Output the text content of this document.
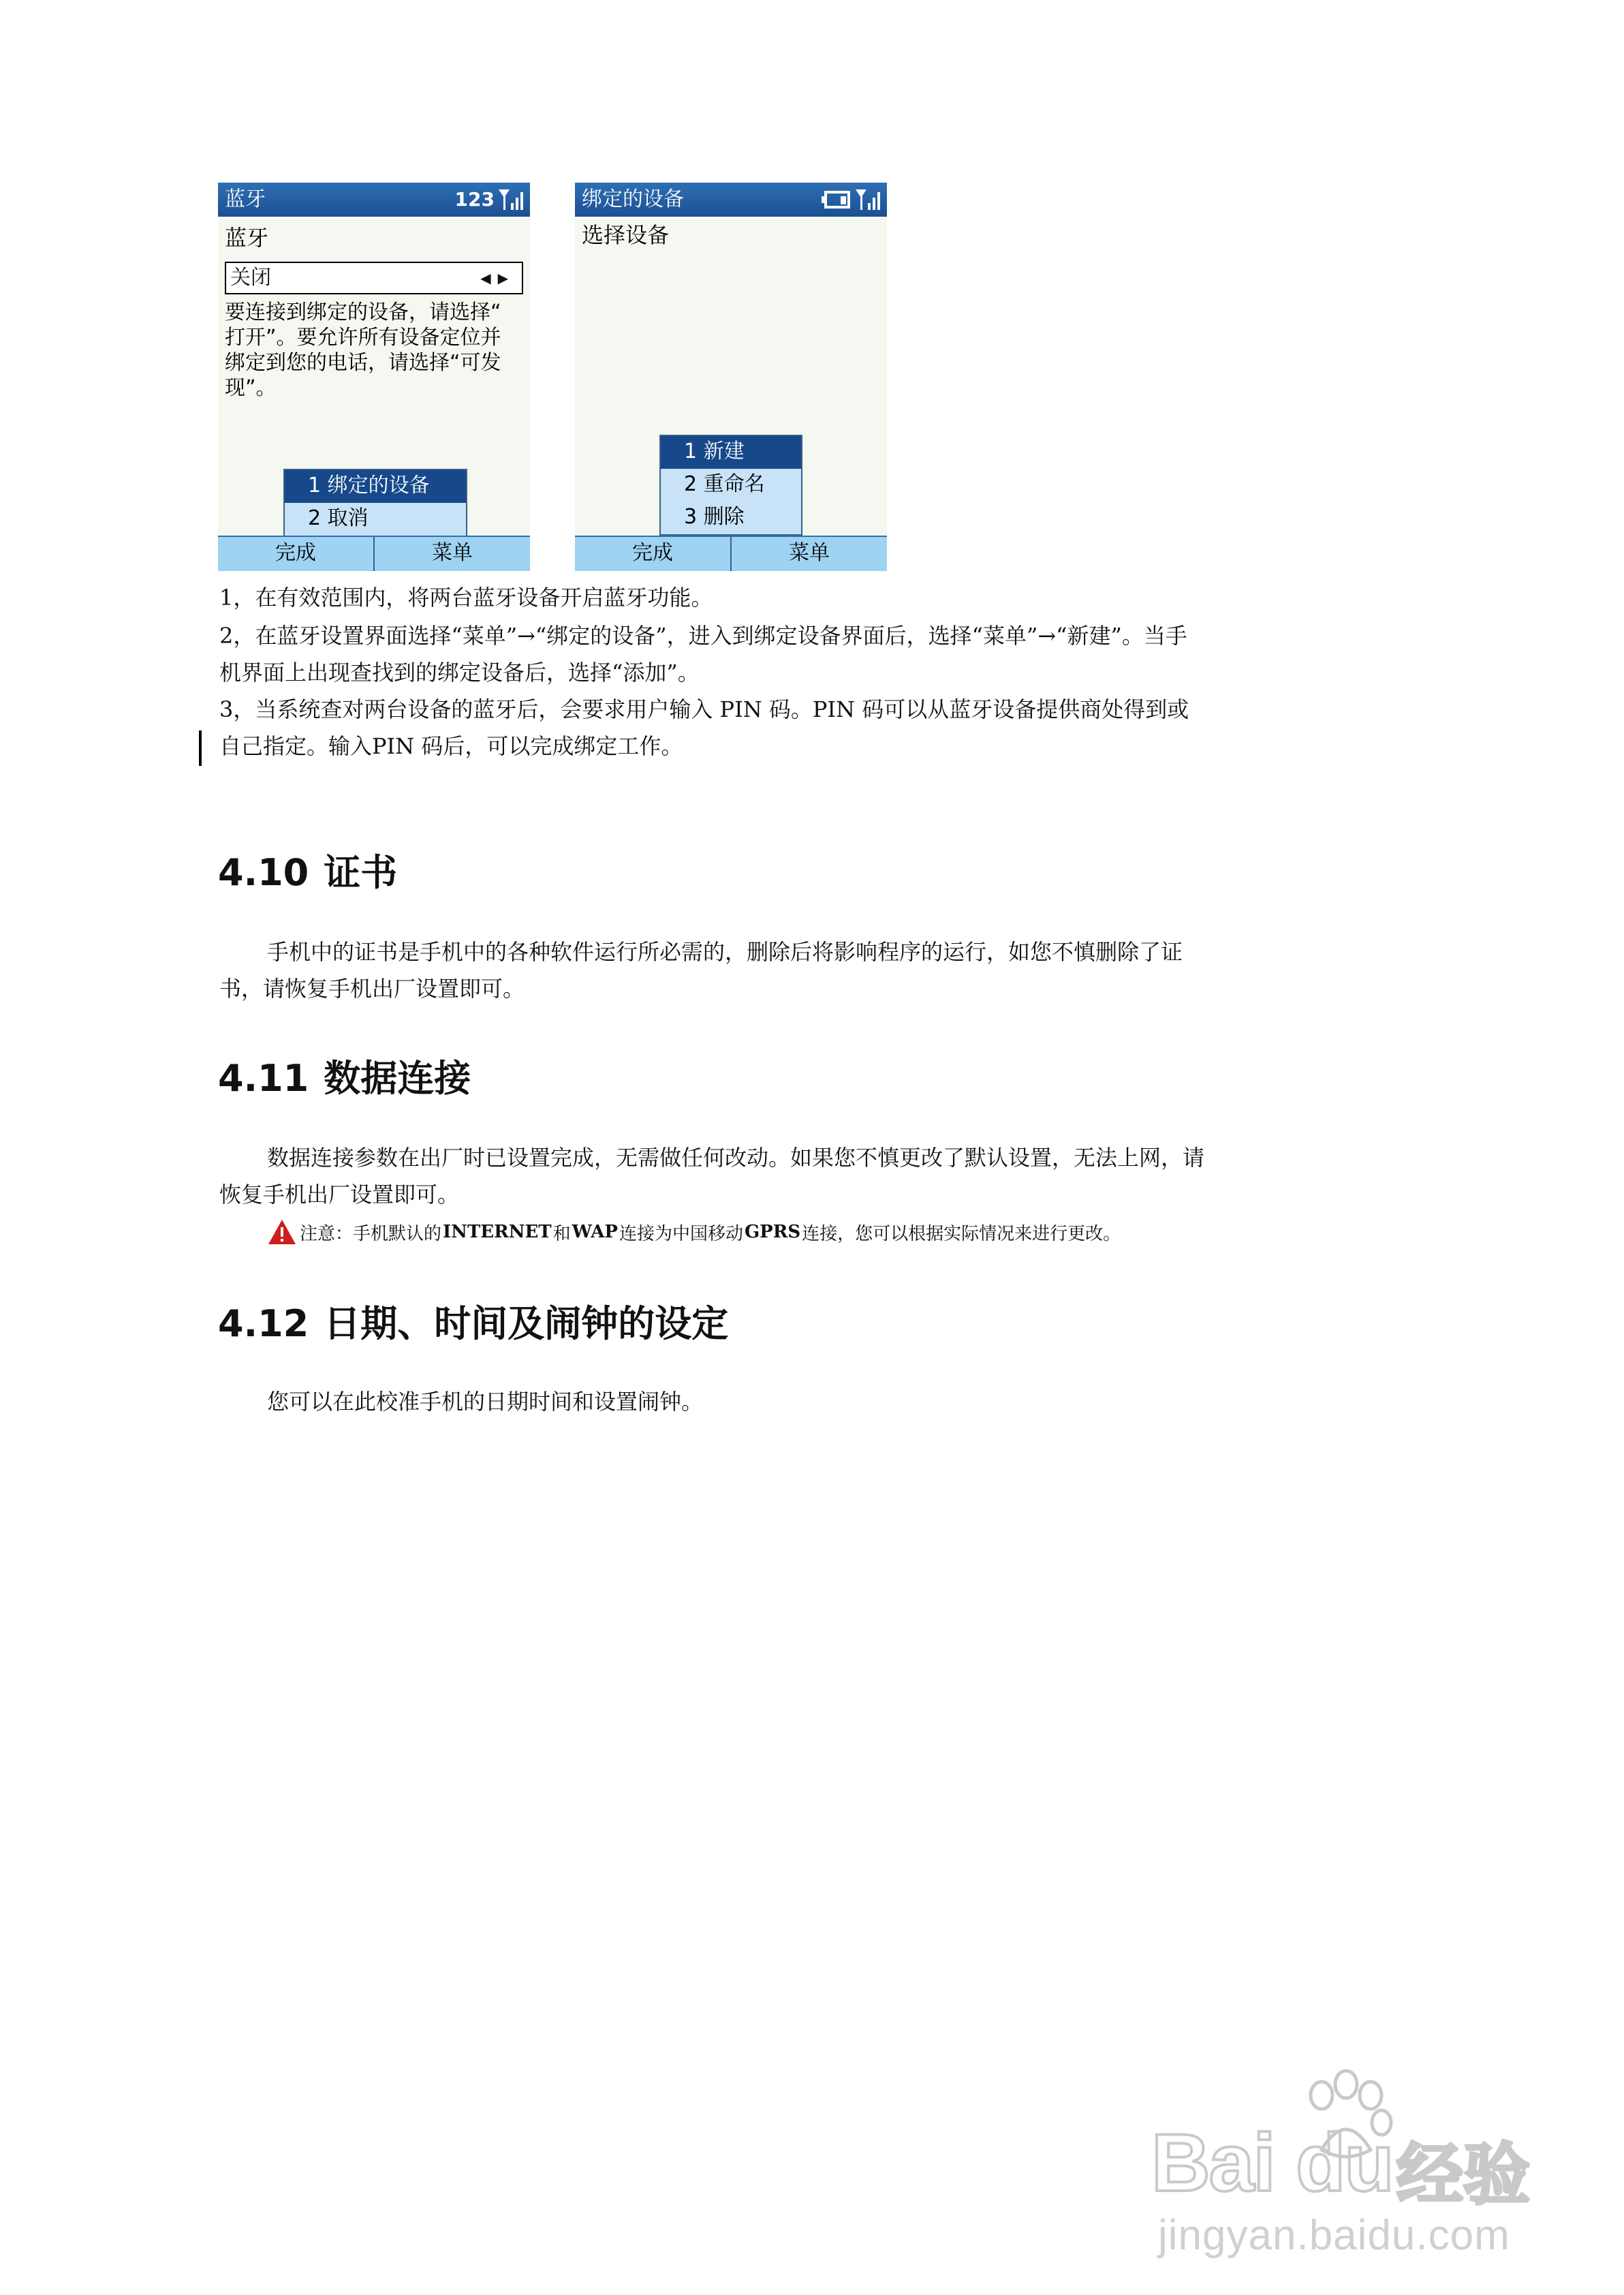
蓝牙	123
蓝牙
关闭	◀▶
要连接到绑定的设备，请选择“
打开”。要允许所有设备定位并
绑定到您的电话，请选择“可发
现”。
1 绑定的设备
2 取消
完成	菜单
绑定的设备
选择设备
1 新建
2 重命名
3 删除
完成	菜单

1，在有效范围内，将两台蓝牙设备开启蓝牙功能。

2，在蓝牙设置界面选择“菜单”→“绑定的设备”，进入到绑定设备界面后，选择“菜单”→“新建”。当手机界面上出现查找到的绑定设备后，选择“添加”。

3，当系统查对两台设备的蓝牙后，会要求用户输入 PIN 码。PIN 码可以从蓝牙设备提供商处得到或自己指定。输入PIN 码后，可以完成绑定工作。

4.10 证书

手机中的证书是手机中的各种软件运行所必需的，删除后将影响程序的运行，如您不慎删除了证书，请恢复手机出厂设置即可。

4.11 数据连接

数据连接参数在出厂时已设置完成，无需做任何改动。如果您不慎更改了默认设置，无法上网，请恢复手机出厂设置即可。

注意：手机默认的 INTERNET 和 WAP 连接为中国移动 GPRS 连接，您可以根据实际情况来进行更改。
4.12 日期、时间及闹钟的设定

您可以在此校准手机的日期时间和设置闹钟。

Bai du 经验
jingyan.baidu.com
